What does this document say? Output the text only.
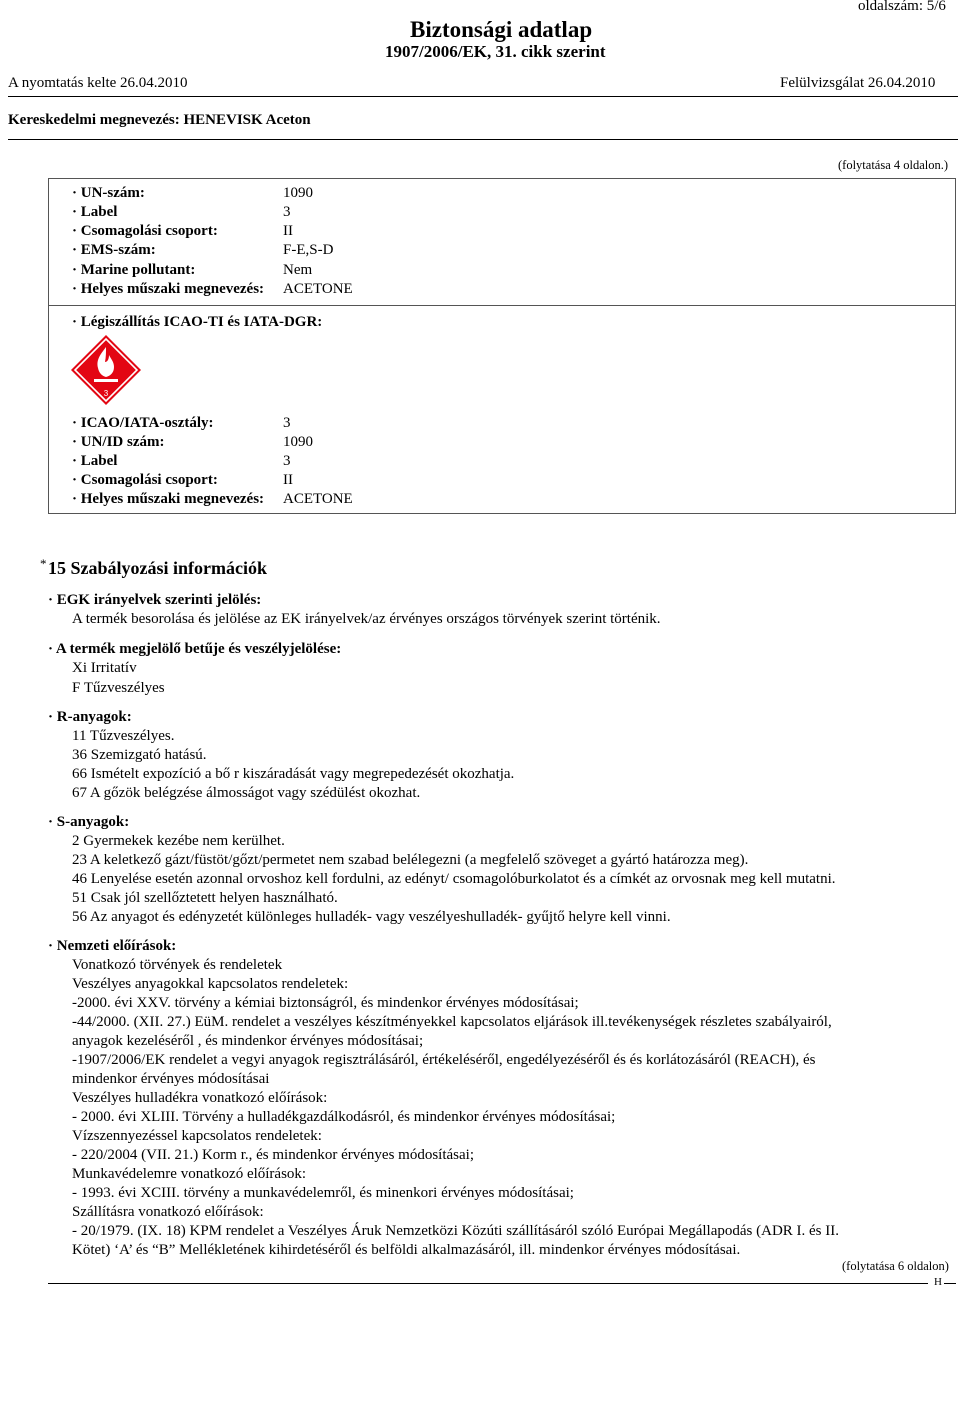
oldalszám: 5/6
Biztonsági adatlap
1907/2006/EK, 31. cikk szerint
A nyomtatás kelte 26.04.2010	Felülvizsgálat 26.04.2010
Kereskedelmi megnevezés: HENEVISK Aceton
(folytatása 4 oldalon.)
· UN-szám:	1090
· Label	3
· Csomagolási csoport:	II
· EMS-szám:	F-E,S-D
· Marine pollutant:	Nem
· Helyes műszaki megnevezés: ACETONE
· Légiszállítás ICAO-TI és IATA-DGR:
3
· ICAO/IATA-osztály:	3
· UN/ID szám:	1090
· Label	3
· Csomagolási csoport:	II
· Helyes műszaki megnevezés: ACETONE
* 15 Szabályozási információk
· EGK irányelvek szerinti jelölés:
A termék besorolása és jelölése az EK irányelvek/az érvényes országos törvények szerint történik.
· A termék megjelölő betűje és veszélyjelölése:
Xi Irritatív
F Tűzveszélyes
· R-anyagok:
11 Tűzveszélyes.
36 Szemizgató hatású.
66 Ismételt expozíció a bő r kiszáradását vagy megrepedezését okozhatja.
67 A gőzök belégzése álmosságot vagy szédülést okozhat.
· S-anyagok:
2 Gyermekek kezébe nem kerülhet.
23 A keletkező gázt/füstöt/gőzt/permetet nem szabad belélegezni (a megfelelő szöveget a gyártó határozza meg).
46 Lenyelése esetén azonnal orvoshoz kell fordulni, az edényt/ csomagolóburkolatot és a címkét az orvosnak meg kell mutatni.
51 Csak jól szellőztetett helyen használható.
56 Az anyagot és edényzetét különleges hulladék- vagy veszélyeshulladék- gyűjtő helyre kell vinni.
· Nemzeti előírások:
Vonatkozó törvények és rendeletek
Veszélyes anyagokkal kapcsolatos rendeletek:
-2000. évi XXV. törvény a kémiai biztonságról, és mindenkor érvényes módosításai;
-44/2000. (XII. 27.) EüM. rendelet a veszélyes készítményekkel kapcsolatos eljárások ill.tevékenységek részletes szabályairól,
anyagok kezeléséről , és mindenkor érvényes módosításai;
-1907/2006/EK rendelet a vegyi anyagok regisztrálásáról, értékeléséről, engedélyezéséről és és korlátozásáról (REACH), és
mindenkor érvényes módosításai
Veszélyes hulladékra vonatkozó előírások:
- 2000. évi XLIII. Törvény a hulladékgazdálkodásról, és mindenkor érvényes módosításai;
Vízszennyezéssel kapcsolatos rendeletek:
- 220/2004 (VII. 21.) Korm r., és mindenkor érvényes módosításai;
Munkavédelemre vonatkozó előírások:
- 1993. évi XCIII. törvény a munkavédelemről, és minenkori érvényes módosításai;
Szállításra vonatkozó előírások:
- 20/1979. (IX. 18) KPM rendelet a Veszélyes Áruk Nemzetközi Közúti szállításáról szóló Európai Megállapodás (ADR I. és II.
Kötet) ‘A’ és “B” Mellékletének kihirdetéséről és belföldi alkalmazásáról, ill. mindenkor érvényes módosításai.
(folytatása 6 oldalon)
H
